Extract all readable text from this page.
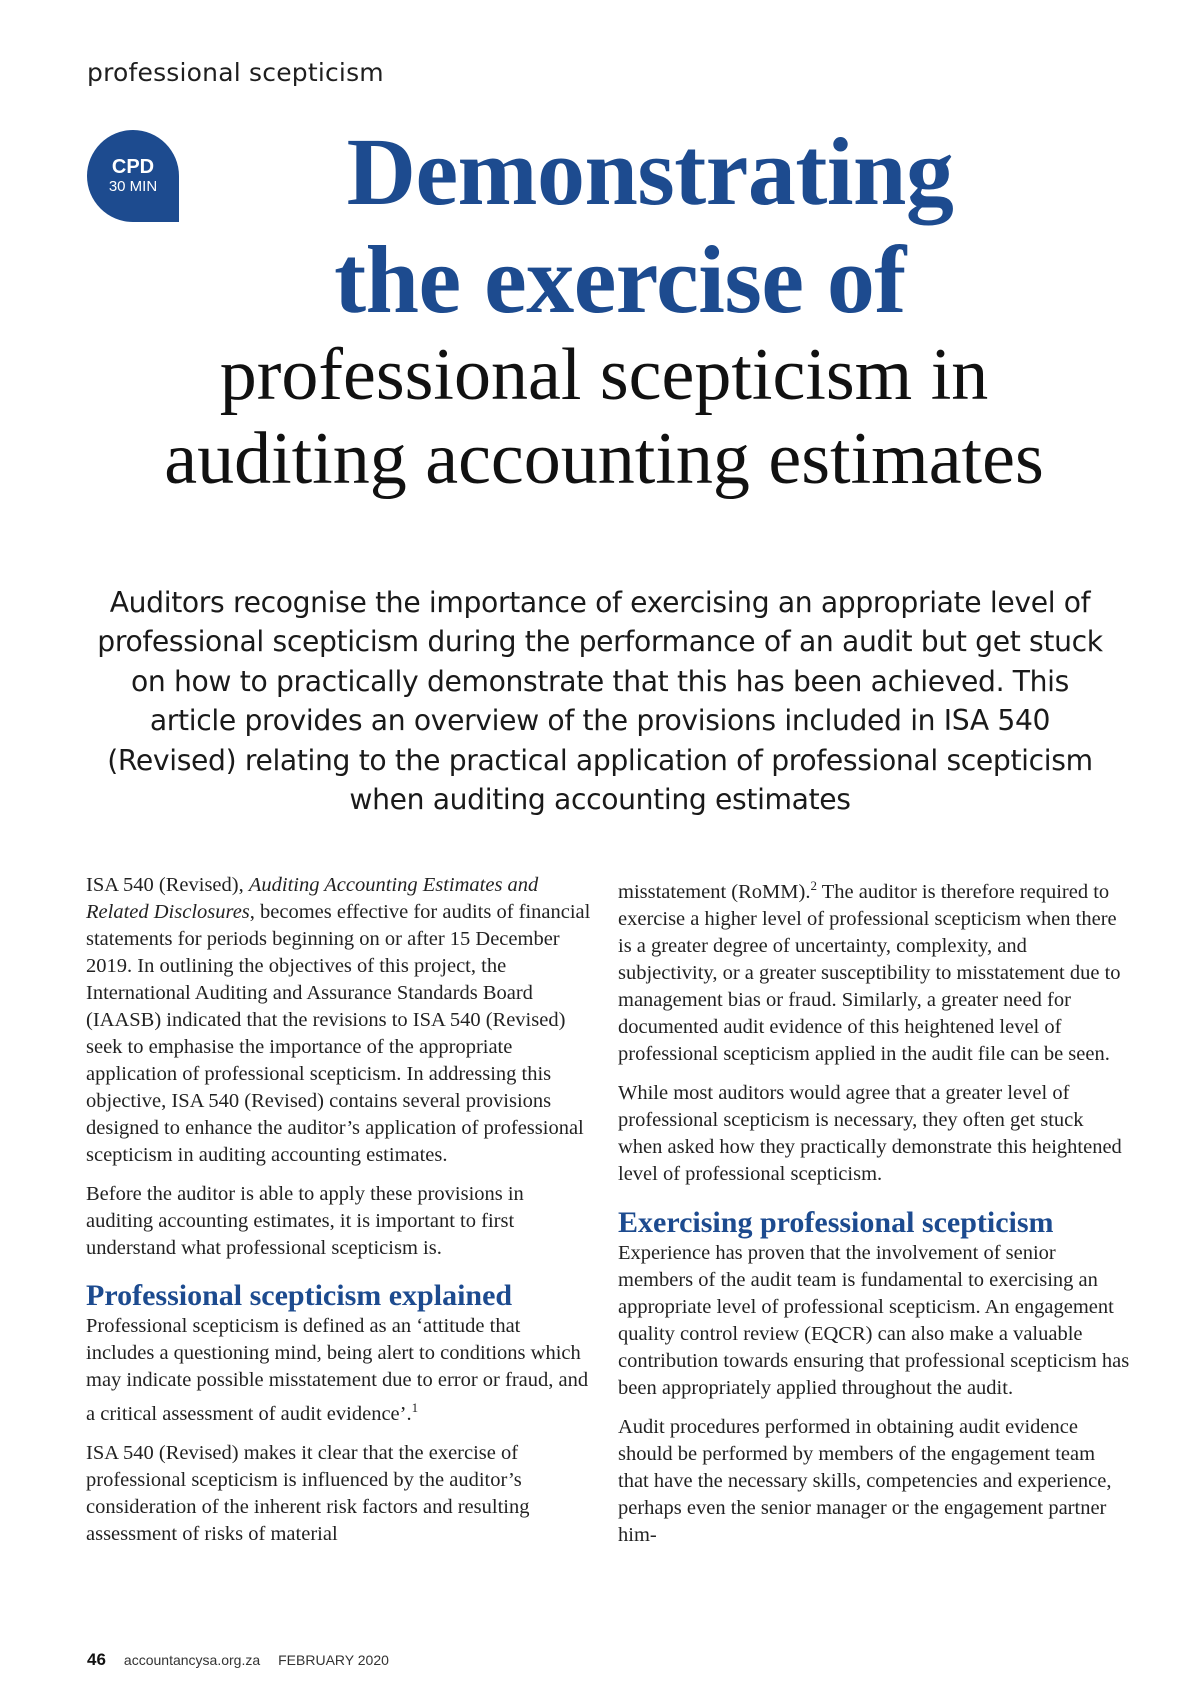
professional scepticism
CPD
30 MIN	Demonstrating
the exercise of
professional scepticism in
auditing accounting estimates
Auditors recognise the importance of exercising an appropriate level of professional scepticism during the performance of an audit but get stuck on how to practically demonstrate that this has been achieved. This article provides an overview of the provisions included in ISA 540 (Revised) relating to the practical application of professional scepticism when auditing accounting estimates

ISA 540 (Revised), Auditing Accounting Estimates and Related Disclosures, becomes effective for audits of financial statements for periods beginning on or after 15 December 2019. In outlining the objectives of this project, the International Auditing and Assurance Standards Board (IAASB) indicated that the revisions to ISA 540 (Revised) seek to emphasise the importance of the appropriate application of professional scepticism. In addressing this objective, ISA 540 (Revised) contains several provisions designed to enhance the auditor’s application of professional scepticism in auditing accounting estimates.

Before the auditor is able to apply these provisions in auditing accounting estimates, it is important to first understand what professional scepticism is.

Professional scepticism explained

Professional scepticism is defined as an ‘attitude that includes a questioning mind, being alert to conditions which may indicate possible misstatement due to error or fraud, and a critical assessment of audit evidence’.$^1$

ISA 540 (Revised) makes it clear that the exercise of professional scepticism is influenced by the auditor’s consideration of the inherent risk factors and resulting assessment of risks of material

misstatement (RoMM).$^2$ The auditor is therefore required to exercise a higher level of professional scepticism when there is a greater degree of uncertainty, complexity, and subjectivity, or a greater susceptibility to misstatement due to management bias or fraud. Similarly, a greater need for documented audit evidence of this heightened level of professional scepticism applied in the audit file can be seen.

While most auditors would agree that a greater level of professional scepticism is necessary, they often get stuck when asked how they practically demonstrate this heightened level of professional scepticism.

Exercising professional scepticism

Experience has proven that the involvement of senior members of the audit team is fundamental to exercising an appropriate level of professional scepticism. An engagement quality control review (EQCR) can also make a valuable contribution towards ensuring that professional scepticism has been appropriately applied throughout the audit.

Audit procedures performed in obtaining audit evidence should be performed by members of the engagement team that have the necessary skills, competencies and experience, perhaps even the senior manager or the engagement partner him-

46 accountancysa.org.za FEBRUARY 2020
